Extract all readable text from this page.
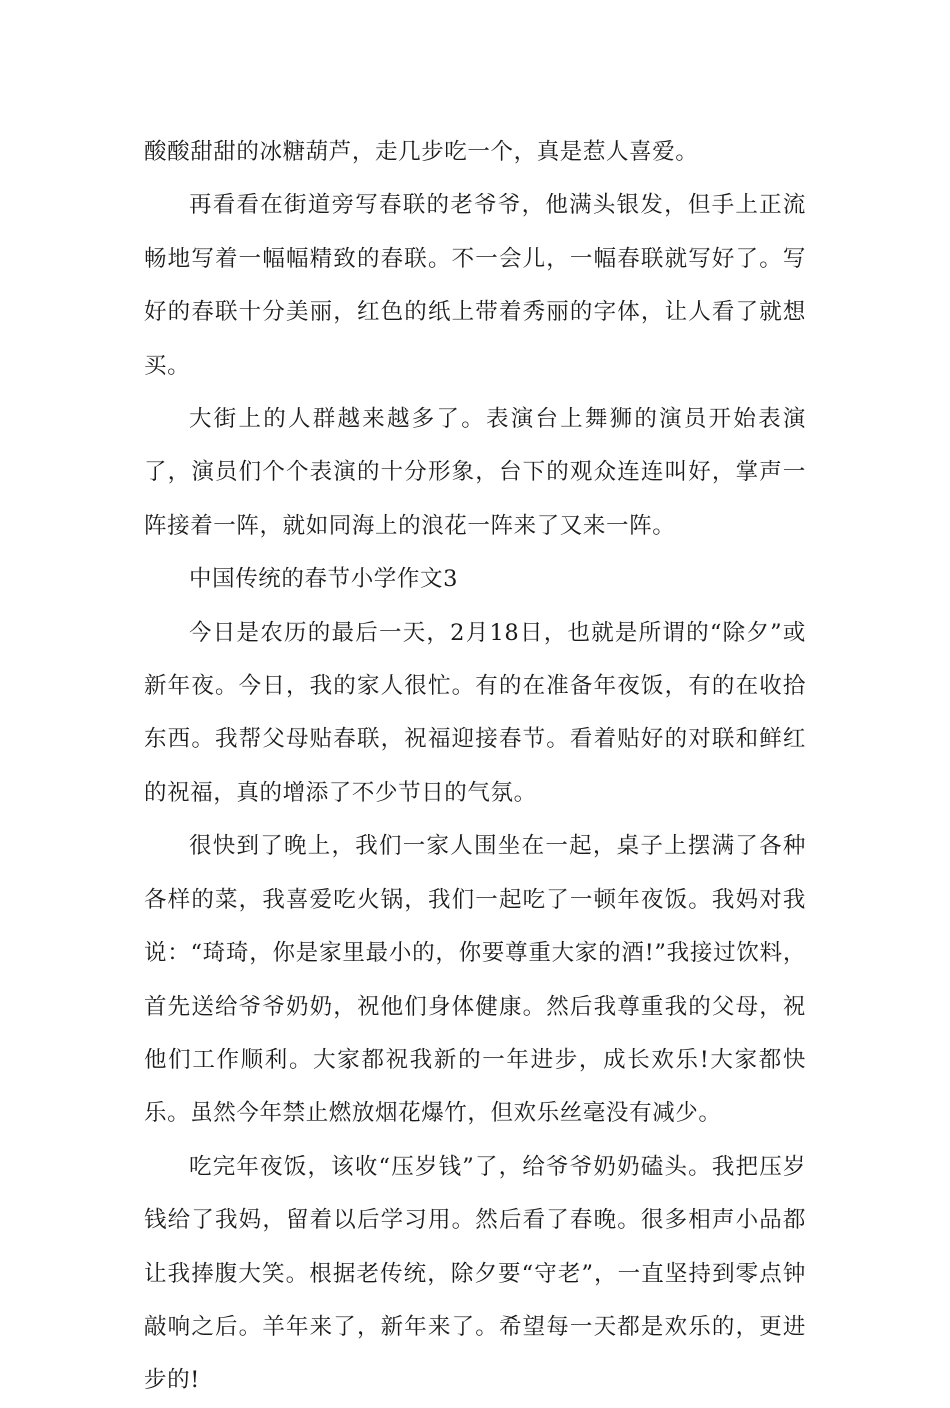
酸酸甜甜的冰糖葫芦，走几步吃一个，真是惹人喜爱。

再看看在街道旁写春联的老爷爷，他满头银发，但手上正流畅地写着一幅幅精致的春联。不一会儿，一幅春联就写好了。写好的春联十分美丽，红色的纸上带着秀丽的字体，让人看了就想买。

大街上的人群越来越多了。表演台上舞狮的演员开始表演了，演员们个个表演的十分形象，台下的观众连连叫好，掌声一阵接着一阵，就如同海上的浪花一阵来了又来一阵。

中国传统的春节小学作文3

今日是农历的最后一天，2月18日，也就是所谓的“除夕”或新年夜。今日，我的家人很忙。有的在准备年夜饭，有的在收拾东西。我帮父母贴春联，祝福迎接春节。看着贴好的对联和鲜红的祝福，真的增添了不少节日的气氛。

很快到了晚上，我们一家人围坐在一起，桌子上摆满了各种各样的菜，我喜爱吃火锅，我们一起吃了一顿年夜饭。我妈对我说：“琦琦，你是家里最小的，你要尊重大家的酒!”我接过饮料，首先送给爷爷奶奶，祝他们身体健康。然后我尊重我的父母，祝他们工作顺利。大家都祝我新的一年进步，成长欢乐!大家都快乐。虽然今年禁止燃放烟花爆竹，但欢乐丝毫没有减少。

吃完年夜饭，该收“压岁钱”了，给爷爷奶奶磕头。我把压岁钱给了我妈，留着以后学习用。然后看了春晚。很多相声小品都让我捧腹大笑。根据老传统，除夕要“守老”，一直坚持到零点钟敲响之后。羊年来了，新年来了。希望每一天都是欢乐的，更进步的!
